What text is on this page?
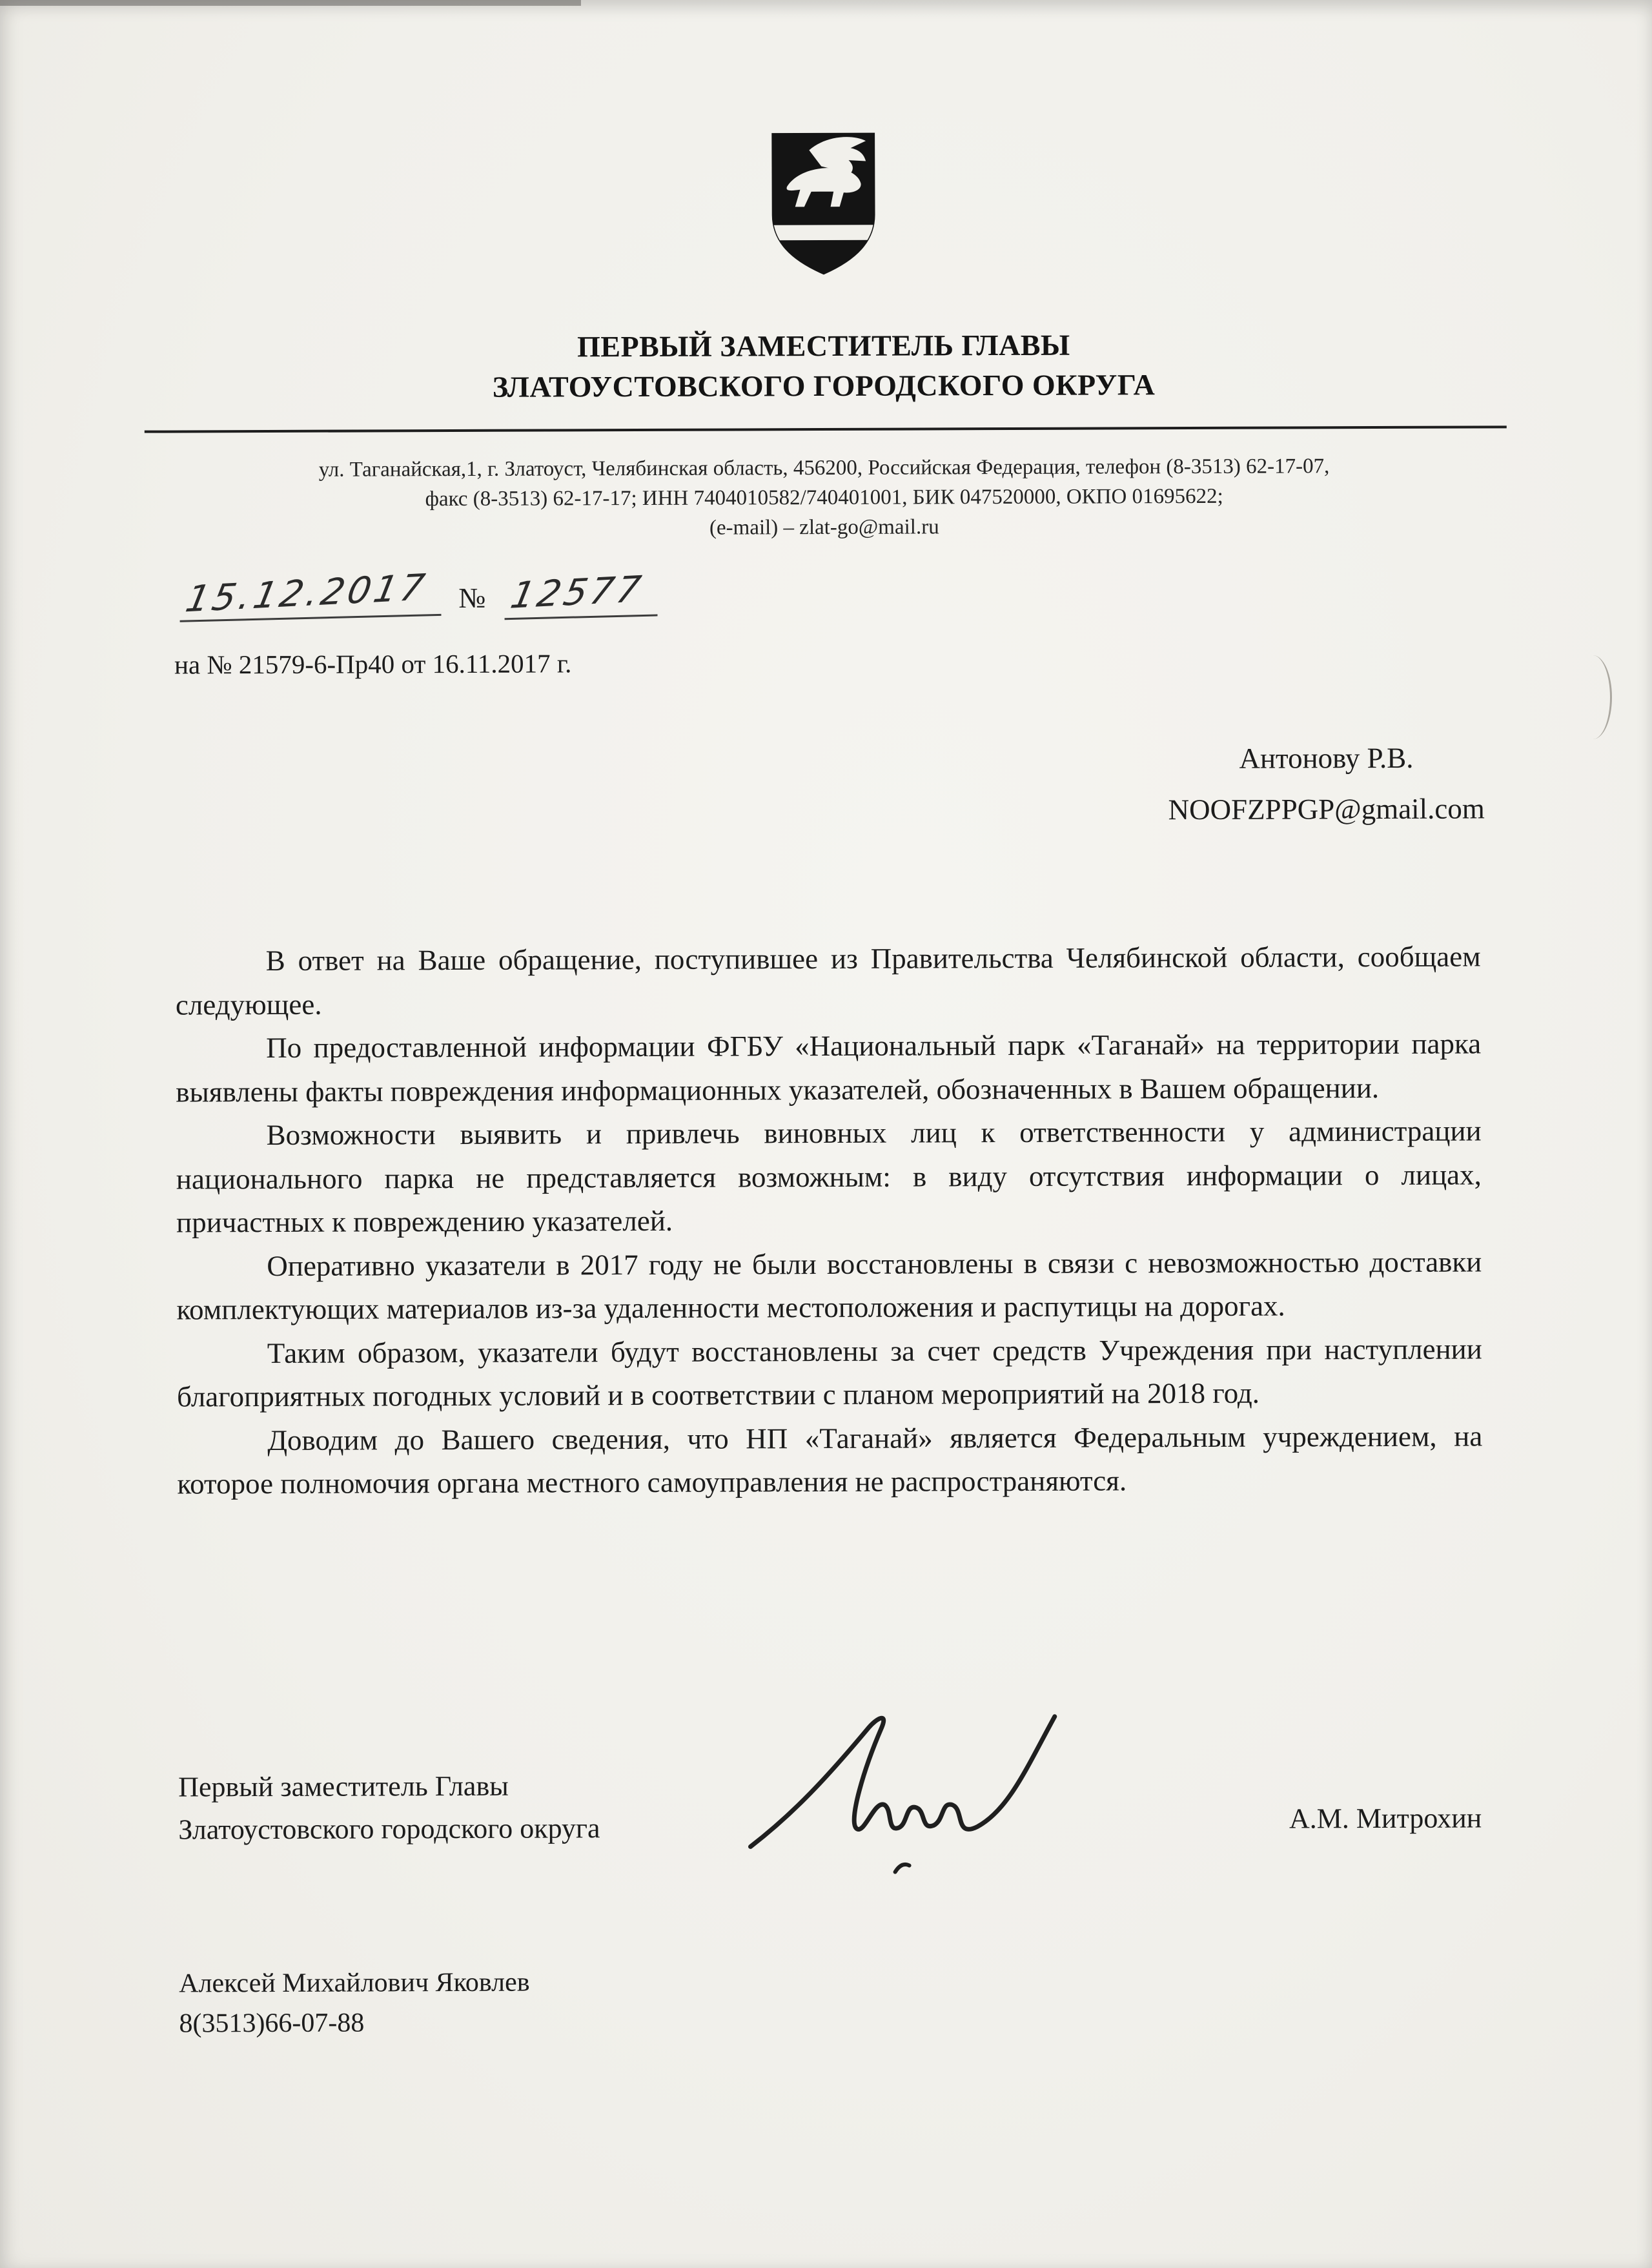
ПЕРВЫЙ ЗАМЕСТИТЕЛЬ ГЛАВЫ
ЗЛАТОУСТОВСКОГО ГОРОДСКОГО ОКРУГА
ул. Таганайская,1, г. Златоуст, Челябинская область, 456200, Российская Федерация, телефон (8-3513) 62-17-07,
факс (8-3513) 62-17-17; ИНН 7404010582/740401001, БИК 047520000, ОКПО 01695622;
(e-mail) – zlat-go@mail.ru
15.12.2017 № 12577
на № 21579-6-Пр40 от 16.11.2017 г.
Антонову Р.В.
NOOFZPPGP@gmail.com

В ответ на Ваше обращение, поступившее из Правительства Челябинской области, сообщаем следующее.

По предоставленной информации ФГБУ «Национальный парк «Таганай» на территории парка выявлены факты повреждения информационных указателей, обозначенных в Вашем обращении.

Возможности выявить и привлечь виновных лиц к ответственности у администрации национального парка не представляется возможным: в виду отсутствия информации о лицах, причастных к повреждению указателей.

Оперативно указатели в 2017 году не были восстановлены в связи с невозможностью доставки комплектующих материалов из-за удаленности местоположения и распутицы на дорогах.

Таким образом, указатели будут восстановлены за счет средств Учреждения при наступлении благоприятных погодных условий и в соответствии с планом мероприятий на 2018 год.

Доводим до Вашего сведения, что НП «Таганай» является Федеральным учреждением, на которое полномочия органа местного самоуправления не распространяются.

Первый заместитель Главы
Златоустовского городского округа	А.М. Митрохин
Алексей Михайлович Яковлев
8(3513)66-07-88
